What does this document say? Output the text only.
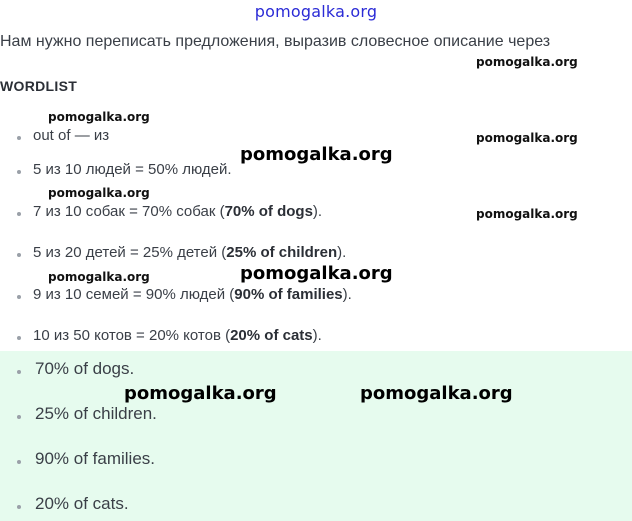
pomogalka.org
Нам нужно переписать предложения, выразив словесное описание через
pomogalka.org
WORDLIST
out of — из
5 из 10 людей = 50% людей.
7 из 10 собак = 70% собак (70% of dogs).
5 из 20 детей = 25% детей (25% of children).
9 из 10 семей = 90% людей (90% of families).
10 из 50 котов = 20% котов (20% of cats).
70% of dogs.
25% of children.
90% of families.
20% of cats.
pomogalka.org
pomogalka.org
pomogalka.org
pomogalka.org
pomogalka.org
pomogalka.org	pomogalka.org
pomogalka.org	pomogalka.org
